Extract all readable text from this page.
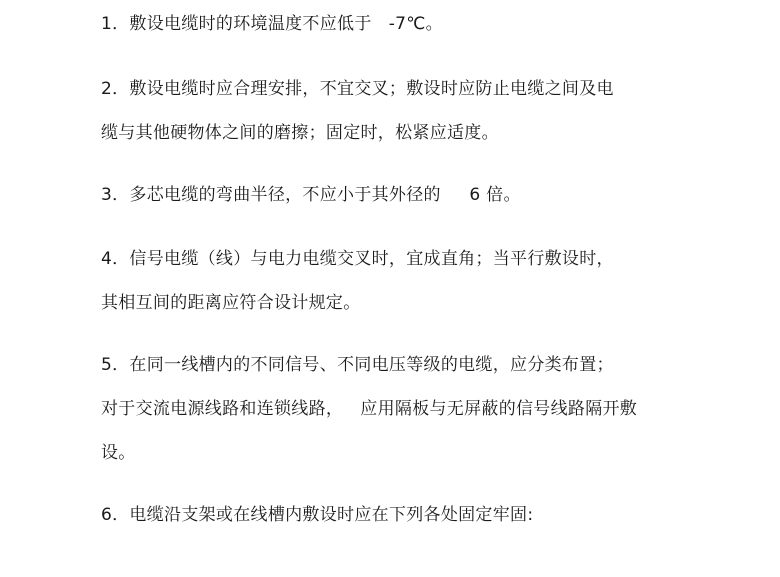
1．敷设电缆时的环境温度不应低于   -7℃。
2．敷设电缆时应合理安排，不宜交叉；敷设时应防止电缆之间及电
缆与其他硬物体之间的磨擦；固定时，松紧应适度。
3．多芯电缆的弯曲半径，不应小于其外径的     6 倍。
4．信号电缆（线）与电力电缆交叉时，宜成直角；当平行敷设时，
其相互间的距离应符合设计规定。
5．在同一线槽内的不同信号、不同电压等级的电缆，应分类布置；
对于交流电源线路和连锁线路，   应用隔板与无屏蔽的信号线路隔开敷
设。
6．电缆沿支架或在线槽内敷设时应在下列各处固定牢固:
